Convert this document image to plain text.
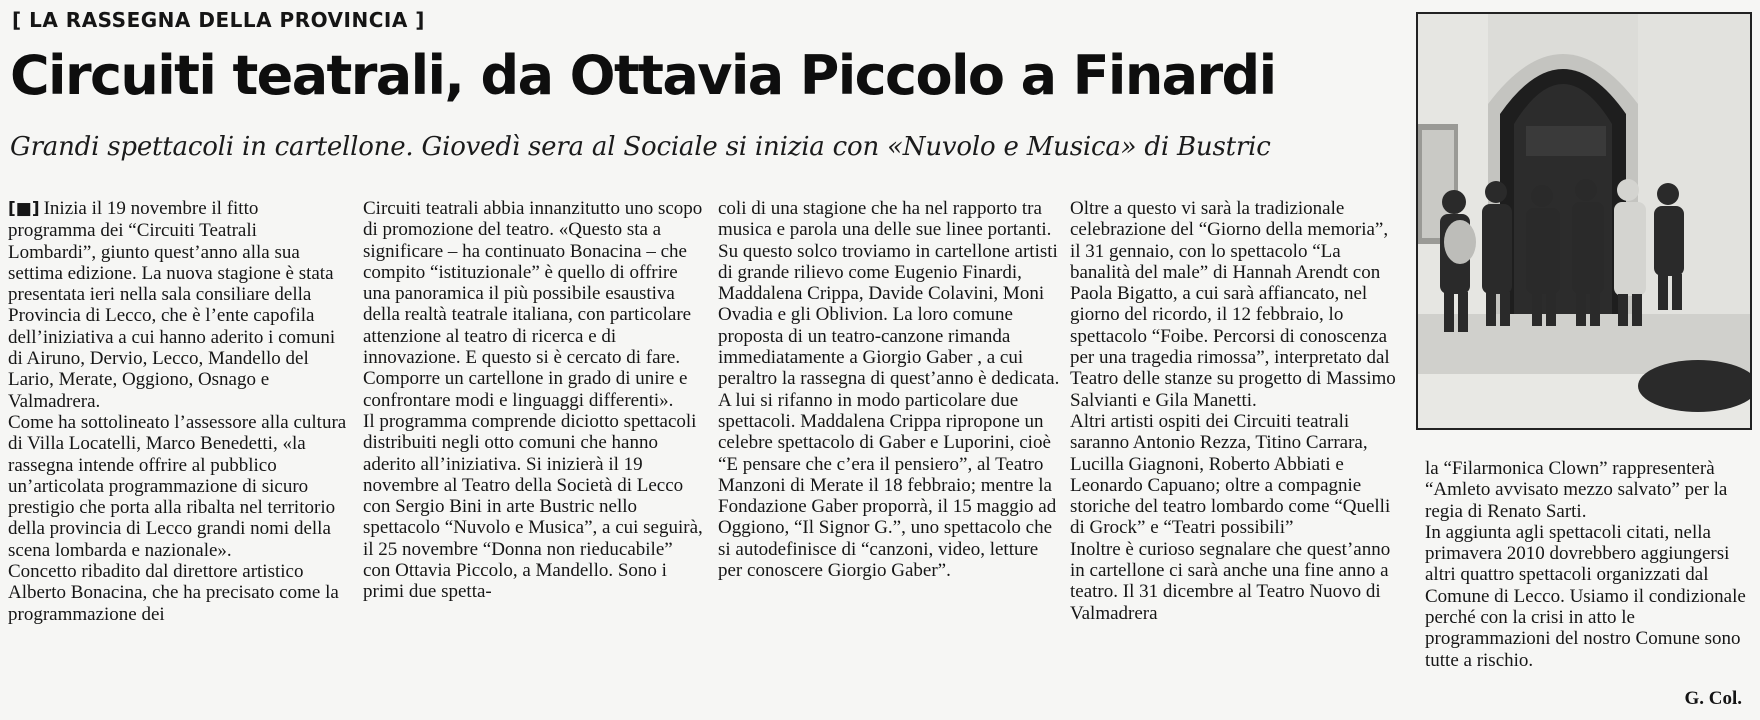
[ LA RASSEGNA DELLA PROVINCIA ]
Circuiti teatrali, da Ottavia Piccolo a Finardi
Grandi spettacoli in cartellone. Giovedì sera al Sociale si inizia con «Nuvolo e Musica» di Bustric

[■] Inizia il 19 novembre il fitto programma dei “Circuiti Teatrali Lombardi”, giunto quest’anno alla sua settima edizione. La nuova stagione è stata presentata ieri nella sala consiliare della Provincia di Lecco, che è l’ente capofila dell’iniziativa a cui hanno aderito i comuni di Airuno, Dervio, Lecco, Mandello del Lario, Merate, Oggiono, Osnago e Valmadrera.

Come ha sottolineato l’assessore alla cultura di Villa Locatelli, Marco Benedetti, «la rassegna intende offrire al pubblico un’articolata programmazione di sicuro prestigio che porta alla ribalta nel territorio della provincia di Lecco grandi nomi della scena lombarda e nazionale».

Concetto ribadito dal direttore artistico Alberto Bonacina, che ha precisato come la programmazione dei

Circuiti teatrali abbia innanzitutto uno scopo di promozione del teatro. «Questo sta a significare – ha continuato Bonacina – che compito “istituzionale” è quello di offrire una panoramica il più possibile esaustiva della realtà teatrale italiana, con particolare attenzione al teatro di ricerca e di innovazione. E questo si è cercato di fare. Comporre un cartellone in grado di unire e confrontare modi e linguaggi differenti».

Il programma comprende diciotto spettacoli distribuiti negli otto comuni che hanno aderito all’iniziativa. Si inizierà il 19 novembre al Teatro della Società di Lecco con Sergio Bini in arte Bustric nello spettacolo “Nuvolo e Musica”, a cui seguirà, il 25 novembre “Donna non rieducabile” con Ottavia Piccolo, a Mandello. Sono i primi due spetta-

coli di una stagione che ha nel rapporto tra musica e parola una delle sue linee portanti. Su questo solco troviamo in cartellone artisti di grande rilievo come Eugenio Finardi, Maddalena Crippa, Davide Colavini, Moni Ovadia e gli Oblivion. La loro comune proposta di un teatro-canzone rimanda immediatamente a Giorgio Gaber , a cui peraltro la rassegna di quest’anno è dedicata. A lui si rifanno in modo particolare due spettacoli. Maddalena Crippa ripropone un celebre spettacolo di Gaber e Luporini, cioè “E pensare che c’era il pensiero”, al Teatro Manzoni di Merate il 18 febbraio; mentre la Fondazione Gaber proporrà, il 15 maggio ad Oggiono, “Il Signor G.”, uno spettacolo che si autodefinisce di “canzoni, video, letture per conoscere Giorgio Gaber”.

Oltre a questo vi sarà la tradizionale celebrazione del “Giorno della memoria”, il 31 gennaio, con lo spettacolo “La banalità del male” di Hannah Arendt con Paola Bigatto, a cui sarà affiancato, nel giorno del ricordo, il 12 febbraio, lo spettacolo “Foibe. Percorsi di conoscenza per una tragedia rimossa”, interpretato dal Teatro delle stanze su progetto di Massimo Salvianti e Gila Manetti.

Altri artisti ospiti dei Circuiti teatrali saranno Antonio Rezza, Titino Carrara, Lucilla Giagnoni, Roberto Abbiati e Leonardo Capuano; oltre a compagnie storiche del teatro lombardo come “Quelli di Grock” e “Teatri possibili”

Inoltre è curioso segnalare che quest’anno in cartellone ci sarà anche una fine anno a teatro. Il 31 dicembre al Teatro Nuovo di Valmadrera

la “Filarmonica Clown” rappresenterà “Amleto avvisato mezzo salvato” per la regia di Renato Sarti.

In aggiunta agli spettacoli citati, nella primavera 2010 dovrebbero aggiungersi altri quattro spettacoli organizzati dal Comune di Lecco. Usiamo il condizionale perché con la crisi in atto le programmazioni del nostro Comune sono tutte a rischio.

G. Col.
